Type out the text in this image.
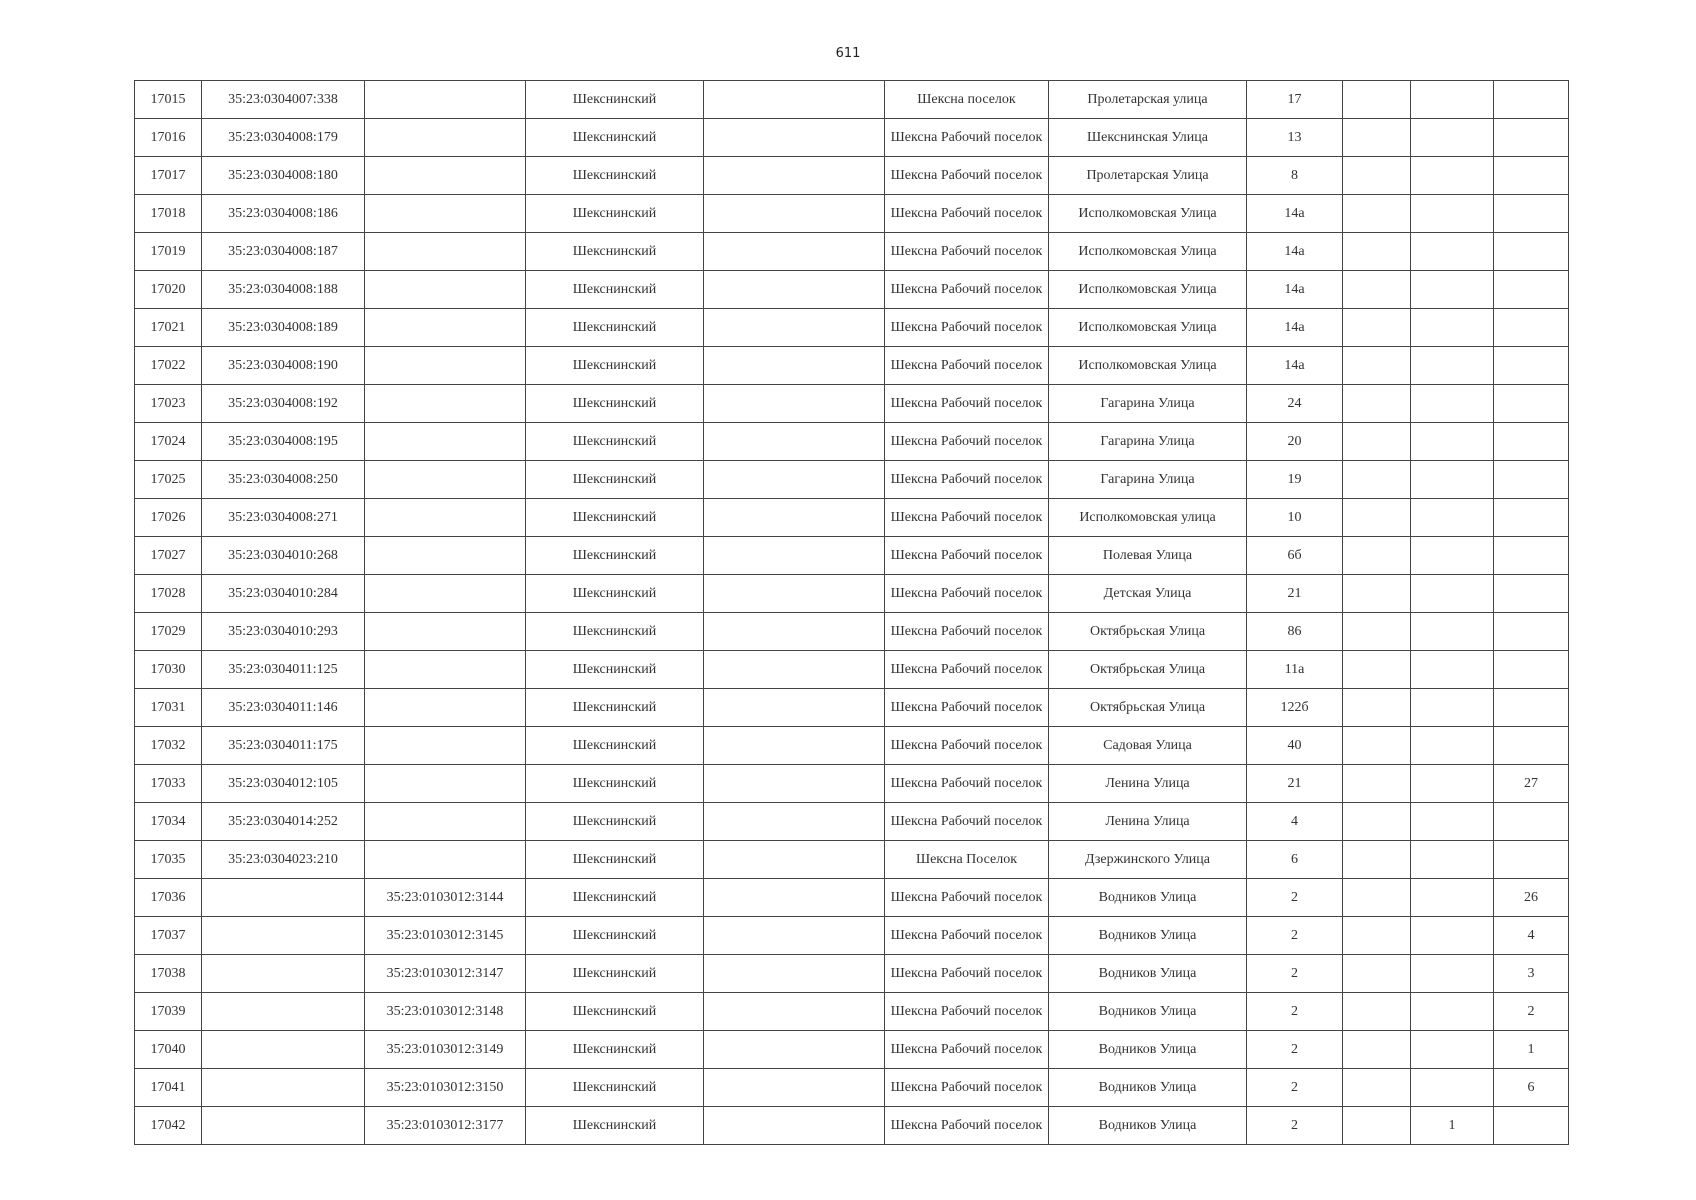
611
17015	35:23:0304007:338		Шекснинский		Шексна поселок	Пролетарская улица	17			
17016	35:23:0304008:179		Шекснинский		Шексна Рабочий поселок	Шекснинская Улица	13			
17017	35:23:0304008:180		Шекснинский		Шексна Рабочий поселок	Пролетарская Улица	8			
17018	35:23:0304008:186		Шекснинский		Шексна Рабочий поселок	Исполкомовская Улица	14а			
17019	35:23:0304008:187		Шекснинский		Шексна Рабочий поселок	Исполкомовская Улица	14а			
17020	35:23:0304008:188		Шекснинский		Шексна Рабочий поселок	Исполкомовская Улица	14а			
17021	35:23:0304008:189		Шекснинский		Шексна Рабочий поселок	Исполкомовская Улица	14а			
17022	35:23:0304008:190		Шекснинский		Шексна Рабочий поселок	Исполкомовская Улица	14а			
17023	35:23:0304008:192		Шекснинский		Шексна Рабочий поселок	Гагарина Улица	24			
17024	35:23:0304008:195		Шекснинский		Шексна Рабочий поселок	Гагарина Улица	20			
17025	35:23:0304008:250		Шекснинский		Шексна Рабочий поселок	Гагарина Улица	19			
17026	35:23:0304008:271		Шекснинский		Шексна Рабочий поселок	Исполкомовская улица	10			
17027	35:23:0304010:268		Шекснинский		Шексна Рабочий поселок	Полевая Улица	6б			
17028	35:23:0304010:284		Шекснинский		Шексна Рабочий поселок	Детская Улица	21			
17029	35:23:0304010:293		Шекснинский		Шексна Рабочий поселок	Октябрьская Улица	86			
17030	35:23:0304011:125		Шекснинский		Шексна Рабочий поселок	Октябрьская Улица	11а			
17031	35:23:0304011:146		Шекснинский		Шексна Рабочий поселок	Октябрьская Улица	122б			
17032	35:23:0304011:175		Шекснинский		Шексна Рабочий поселок	Садовая Улица	40			
17033	35:23:0304012:105		Шекснинский		Шексна Рабочий поселок	Ленина Улица	21			27
17034	35:23:0304014:252		Шекснинский		Шексна Рабочий поселок	Ленина Улица	4			
17035	35:23:0304023:210		Шекснинский		Шексна Поселок	Дзержинского Улица	6			
17036		35:23:0103012:3144	Шекснинский		Шексна Рабочий поселок	Водников Улица	2			26
17037		35:23:0103012:3145	Шекснинский		Шексна Рабочий поселок	Водников Улица	2			4
17038		35:23:0103012:3147	Шекснинский		Шексна Рабочий поселок	Водников Улица	2			3
17039		35:23:0103012:3148	Шекснинский		Шексна Рабочий поселок	Водников Улица	2			2
17040		35:23:0103012:3149	Шекснинский		Шексна Рабочий поселок	Водников Улица	2			1
17041		35:23:0103012:3150	Шекснинский		Шексна Рабочий поселок	Водников Улица	2			6
17042		35:23:0103012:3177	Шекснинский		Шексна Рабочий поселок	Водников Улица	2		1	
